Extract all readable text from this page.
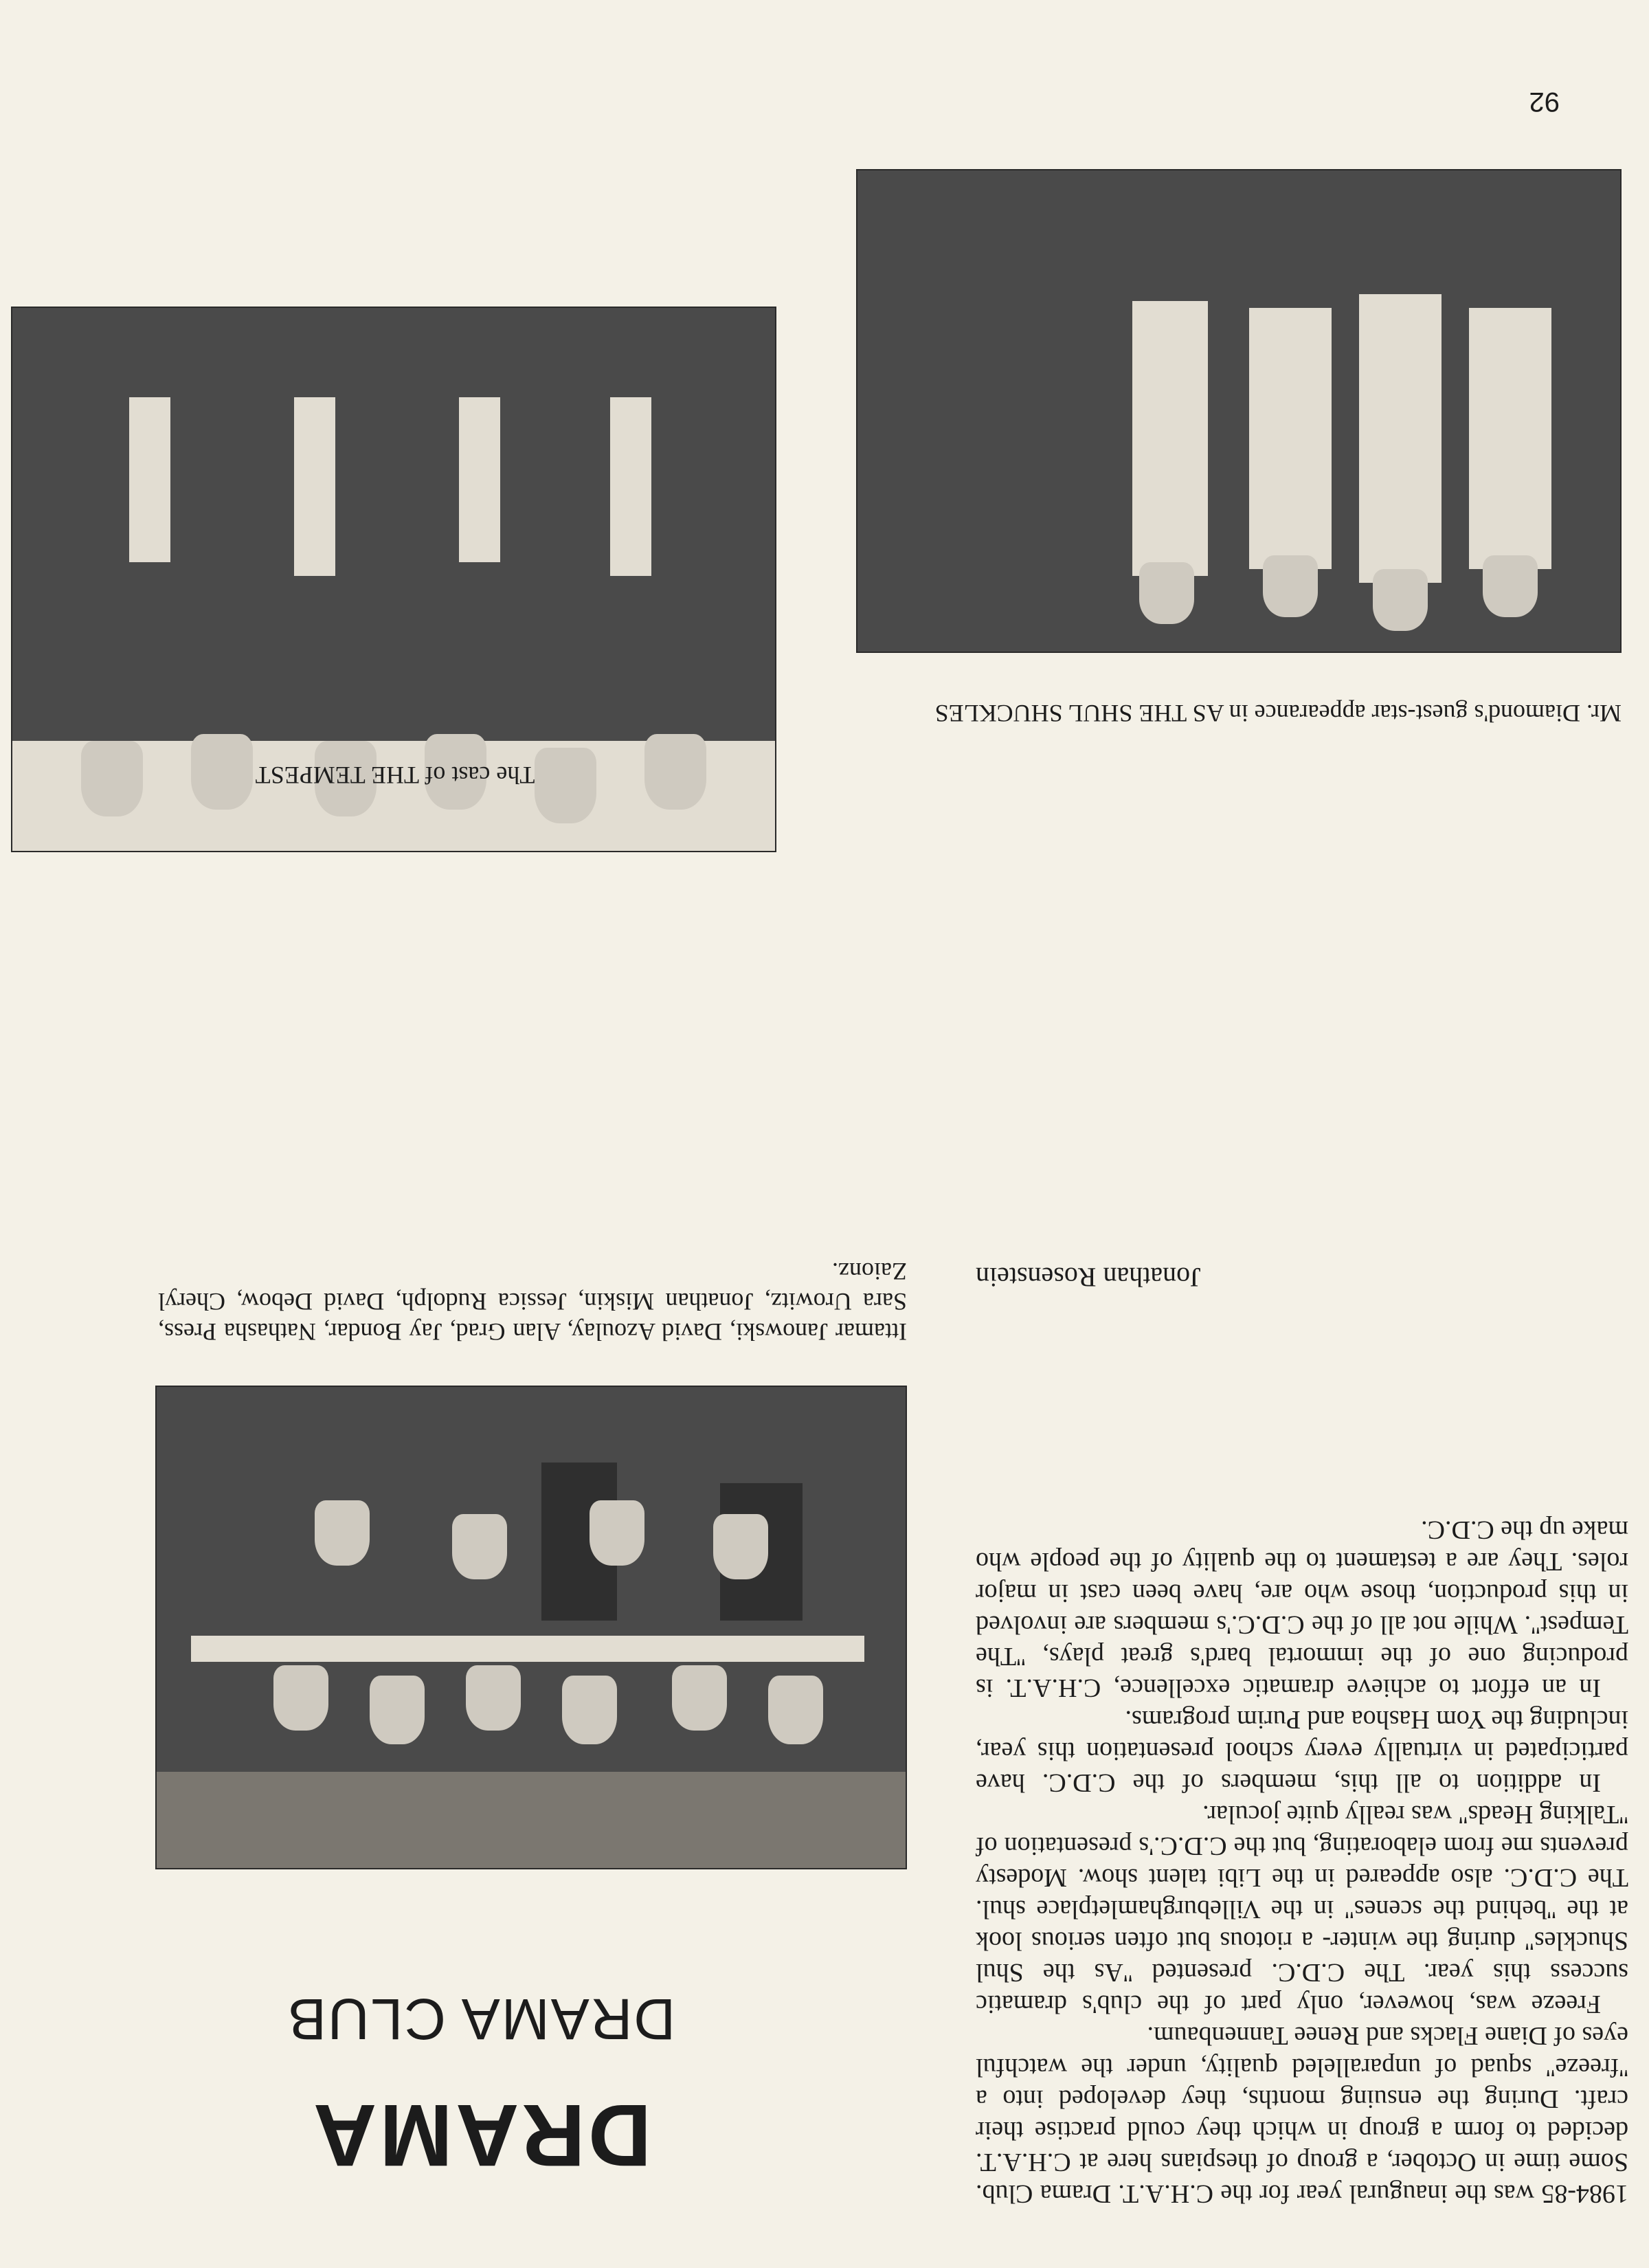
DRAMA
DRAMA CLUB

1984-85 was the inaugural year for the C.H.A.T. Drama Club. Some time in October, a group of thespians here at C.H.A.T. decided to form a group in which they could practise their craft. During the ensuing months, they developed into a ''freeze'' squad of unparalleled quality, under the watchful eyes of Diane Flacks and Renee Tannenbaum.

Freeze was, however, only part of the club's dramatic success this year. The C.D.C. presented ''As the Shul Shuckles'' during the winter- a riotous but often serious look at the ''behind the scenes'' in the Villeburghamletplace shul. The C.D.C. also appeared in the Libi talent show. Modesty prevents me from elaborating, but the C.D.C.'s presentation of ''Talking Heads'' was really quite jocular.

In addition to all this, members of the C.D.C. have participated in virtually every school presentation this year, including the Yom Hashoa and Purim programs.

In an effort to achieve dramatic excellence, C.H.A.T. is producing one of the immortal bard's great plays, ''The Tempest''. While not all of the C.D.C.'s members are involved in this production, those who are, have been cast in major roles. They are a testament to the quality of the people who make up the C.D.C.

Jonathan Rosenstein
Ittamar Janowski, David Azoulay, Alan Grad, Jay Bondar, Nathasha Press, Sara Urowitz, Jonathan Miskin, Jessica Rudolph, David Debow, Cheryl Zaionz.
The cast of THE TEMPEST
Mr. Diamond's guest-star appearance in AS THE SHUL SHUCKLES
92
